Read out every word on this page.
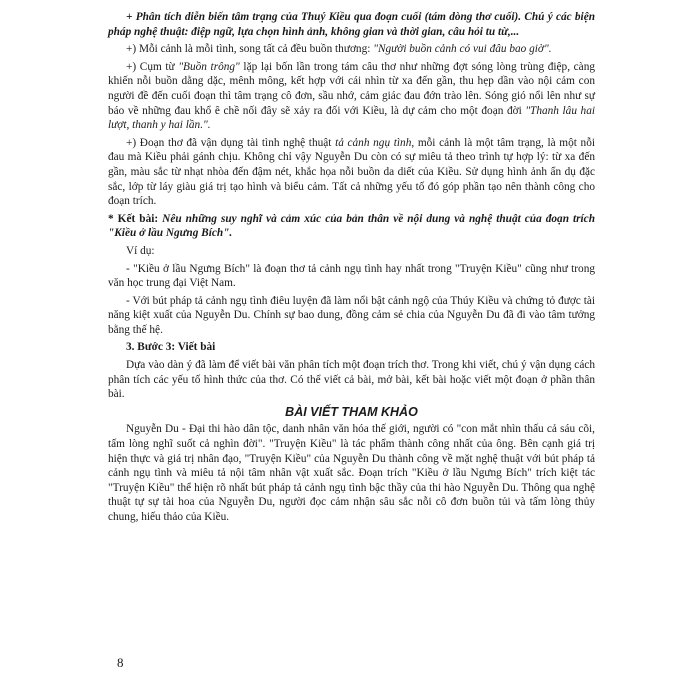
+ Phân tích diễn biến tâm trạng của Thuý Kiều qua đoạn cuối (tám dòng thơ cuối). Chú ý các biện pháp nghệ thuật: điệp ngữ, lựa chọn hình ảnh, không gian và thời gian, câu hỏi tu từ,...

+) Mỗi cảnh là mỗi tình, song tất cả đều buồn thương: "Người buồn cảnh có vui đâu bao giờ".

+) Cụm từ "Buồn trông" lặp lại bốn lần trong tám câu thơ như những đợt sóng lòng trùng điệp, càng khiến nỗi buồn dằng dặc, mênh mông, kết hợp với cái nhìn từ xa đến gần, thu hẹp dần vào nội cảm con người đề đến cuối đoạn thì tâm trạng cô đơn, sầu nhớ, cảm giác đau đớn trào lên. Sóng gió nổi lên như sự báo về những đau khổ ê chề nối đây sẽ xảy ra đối với Kiều, là dự cảm cho một đoạn đời "Thanh lâu hai lượt, thanh y hai lần.".

+) Đoạn thơ đã vận dụng tài tình nghệ thuật tả cảnh ngụ tình, mỗi cảnh là một tâm trạng, là một nỗi đau mà Kiều phải gánh chịu. Không chỉ vậy Nguyễn Du còn có sự miêu tả theo trình tự hợp lý: từ xa đến gần, màu sắc từ nhạt nhòa đến đậm nét, khắc họa nỗi buồn da diết của Kiều. Sử dụng hình ảnh ẩn dụ đặc sắc, lớp từ láy giàu giá trị tạo hình và biểu cảm. Tất cả những yếu tố đó góp phần tạo nên thành công cho đoạn trích.

* Kết bài: Nêu những suy nghĩ và cảm xúc của bản thân về nội dung và nghệ thuật của đoạn trích "Kiều ở lầu Ngưng Bích".

Ví dụ:

- "Kiều ở lầu Ngưng Bích" là đoạn thơ tả cảnh ngụ tình hay nhất trong "Truyện Kiều" cũng như trong văn học trung đại Việt Nam.

- Với bút pháp tả cảnh ngụ tình điêu luyện đã làm nổi bật cảnh ngộ của Thúy Kiều và chứng tỏ được tài năng kiệt xuất của Nguyễn Du. Chính sự bao dung, đồng cảm sẻ chia của Nguyễn Du đã đi vào tâm tưởng bằng thế hệ.

3. Bước 3: Viết bài

Dựa vào dàn ý đã làm để viết bài văn phân tích một đoạn trích thơ. Trong khi viết, chú ý vận dụng cách phân tích các yếu tố hình thức của thơ. Có thể viết cả bài, mở bài, kết bài hoặc viết một đoạn ở phần thân bài.

BÀI VIẾT THAM KHẢO

Nguyễn Du - Đại thi hào dân tộc, danh nhân văn hóa thế giới, người có "con mắt nhìn thấu cả sáu cõi, tấm lòng nghĩ suốt cả nghìn đời". "Truyện Kiều" là tác phẩm thành công nhất của ông. Bên cạnh giá trị hiện thực và giá trị nhân đạo, "Truyện Kiều" của Nguyễn Du thành công về mặt nghệ thuật với bút pháp tả cảnh ngụ tình và miêu tả nội tâm nhân vật xuất sắc. Đoạn trích "Kiều ở lầu Ngưng Bích" trích kiệt tác "Truyện Kiều" thể hiện rõ nhất bút pháp tả cảnh ngụ tình bậc thầy của thi hào Nguyễn Du. Thông qua nghệ thuật tự sự tài hoa của Nguyễn Du, người đọc cảm nhận sâu sắc nỗi cô đơn buồn tủi và tấm lòng thủy chung, hiếu thảo của Kiều.

8
